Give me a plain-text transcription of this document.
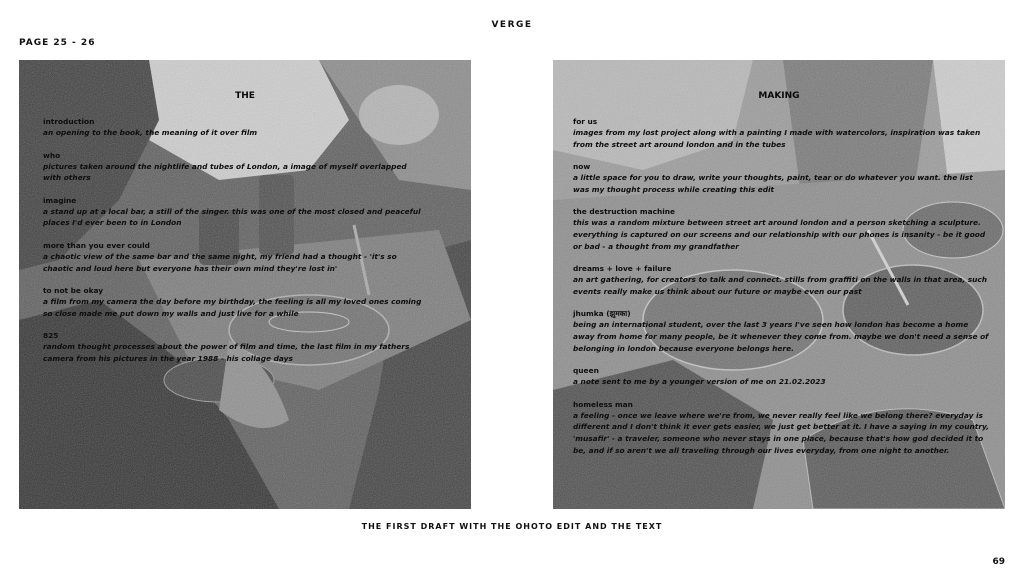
VERGE
PAGE 25 - 26
THE
introduction
an opening to the book, the meaning of it over film
who
pictures taken around the nightlife and tubes of London, a image of myself overlapped with others
imagine
a stand up at a local bar, a still of the singer. this was one of the most closed and peaceful places I'd ever been to in London
more than you ever could
a chaotic view of the same bar and the same night, my friend had a thought - 'it's so chaotic and loud here but everyone has their own mind they're lost in'
to not be okay
a film from my camera the day before my birthday, the feeling is all my loved ones coming so close made me put down my walls and just live for a while
825
random thought processes about the power of film and time, the last film in my fathers camera from his pictures in the year 1988 - his collage days
MAKING
for us
images from my lost project along with a painting I made with watercolors, inspiration was taken from the street art around london and in the tubes
now
a little space for you to draw, write your thoughts, paint, tear or do whatever you want. the list was my thought process while creating this edit
the destruction machine
this was a random mixture between street art around london and a person sketching a sculpture. everything is captured on our screens and our relationship with our phones is insanity - be it good or bad - a thought from my grandfather
dreams + love + failure
an art gathering, for creators to talk and connect. stills from graffiti on the walls in that area, such events really make us think about our future or maybe even our past
jhumka (झुमका)
being an international student, over the last 3 years I've seen how london has become a home away from home for many people, be it whenever they come from. maybe we don't need a sense of belonging in london because everyone belongs here.
queen
a note sent to me by a younger version of me on 21.02.2023
homeless man
a feeling - once we leave where we're from, we never really feel like we belong there? everyday is different and I don't think it ever gets easier, we just get better at it. I have a saying in my country, 'musafir' - a traveler, someone who never stays in one place, because that's how god decided it to be, and if so aren't we all traveling through our lives everyday, from one night to another.
THE FIRST DRAFT WITH THE OHOTO EDIT AND THE TEXT
69
